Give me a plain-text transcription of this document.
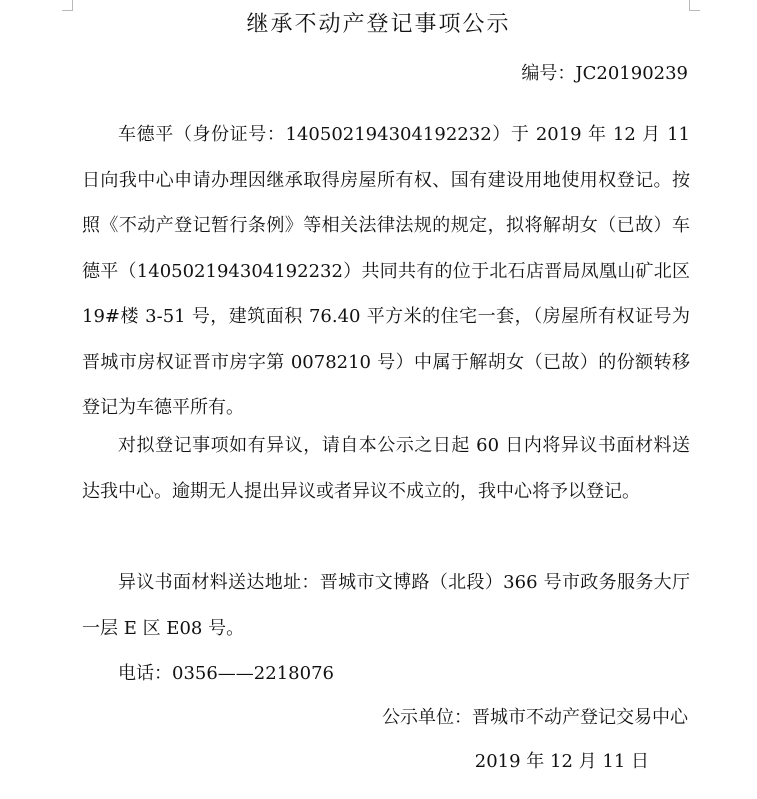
继承不动产登记事项公示
编号：JC20190239
车德平（身份证号：140502194304192232）于 2019 年 12 月 11 日向我中心申请办理因继承取得房屋所有权、国有建设用地使用权登记。按照《不动产登记暂行条例》等相关法律法规的规定，拟将解胡女（已故）车德平（140502194304192232）共同共有的位于北石店晋局凤凰山矿北区 19#楼 3-51 号，建筑面积 76.40 平方米的住宅一套，（房屋所有权证号为晋城市房权证晋市房字第 0078210 号）中属于解胡女（已故）的份额转移登记为车德平所有。
对拟登记事项如有异议，请自本公示之日起 60 日内将异议书面材料送达我中心。逾期无人提出异议或者异议不成立的，我中心将予以登记。
异议书面材料送达地址：晋城市文博路（北段）366 号市政务服务大厅一层 E 区 E08 号。
电话：0356——2218076
公示单位：晋城市不动产登记交易中心
2019 年 12 月 11 日
